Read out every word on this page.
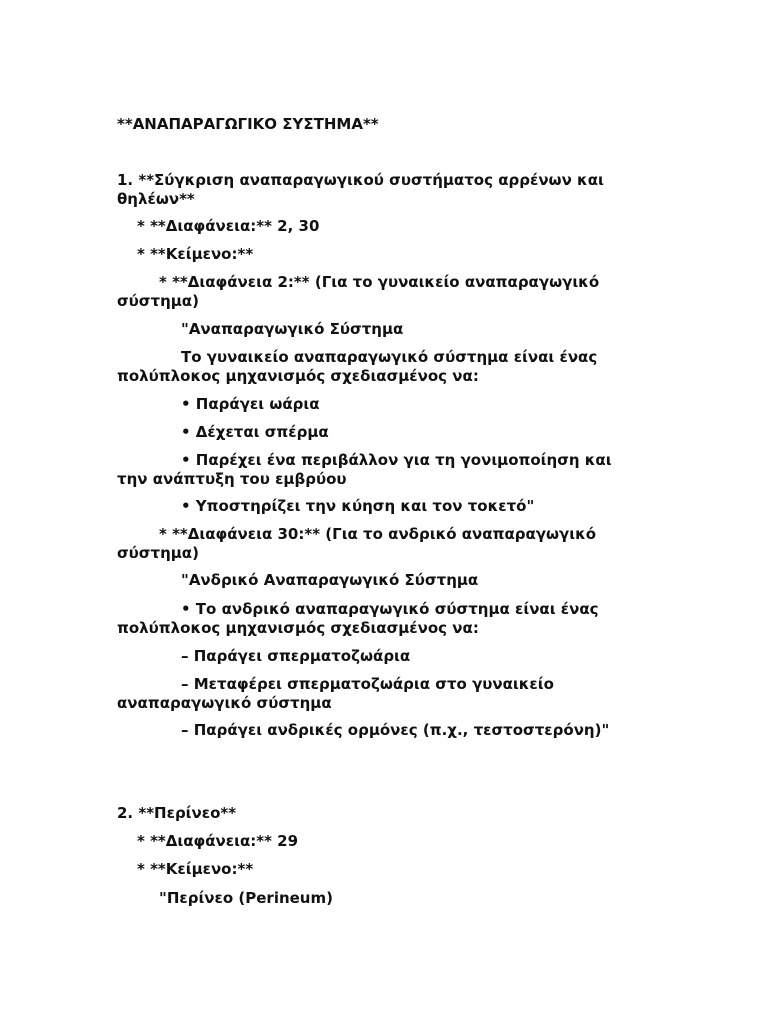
**ΑΝΑΠΑΡΑΓΩΓΙΚΟ ΣΥΣΤΗΜΑ**
1. **Σύγκριση αναπαραγωγικού συστήματος αρρένων και θηλέων**
* **Διαφάνεια:** 2, 30
* **Κείμενο:**
* **Διαφάνεια 2:** (Για το γυναικείο αναπαραγωγικό σύστημα)
"Αναπαραγωγικό Σύστημα
Το γυναικείο αναπαραγωγικό σύστημα είναι ένας πολύπλοκος μηχανισμός σχεδιασμένος να:
• Παράγει ωάρια
• Δέχεται σπέρμα
• Παρέχει ένα περιβάλλον για τη γονιμοποίηση και την ανάπτυξη του εμβρύου
• Υποστηρίζει την κύηση και τον τοκετό"
* **Διαφάνεια 30:** (Για το ανδρικό αναπαραγωγικό σύστημα)
"Ανδρικό Αναπαραγωγικό Σύστημα
• Το ανδρικό αναπαραγωγικό σύστημα είναι ένας πολύπλοκος μηχανισμός σχεδιασμένος να:
– Παράγει σπερματοζωάρια
– Μεταφέρει σπερματοζωάρια στο γυναικείο αναπαραγωγικό σύστημα
– Παράγει ανδρικές ορμόνες (π.χ., τεστοστερόνη)"
2. **Περίνεο**
* **Διαφάνεια:** 29
* **Κείμενο:**
"Περίνεο (Perineum)
